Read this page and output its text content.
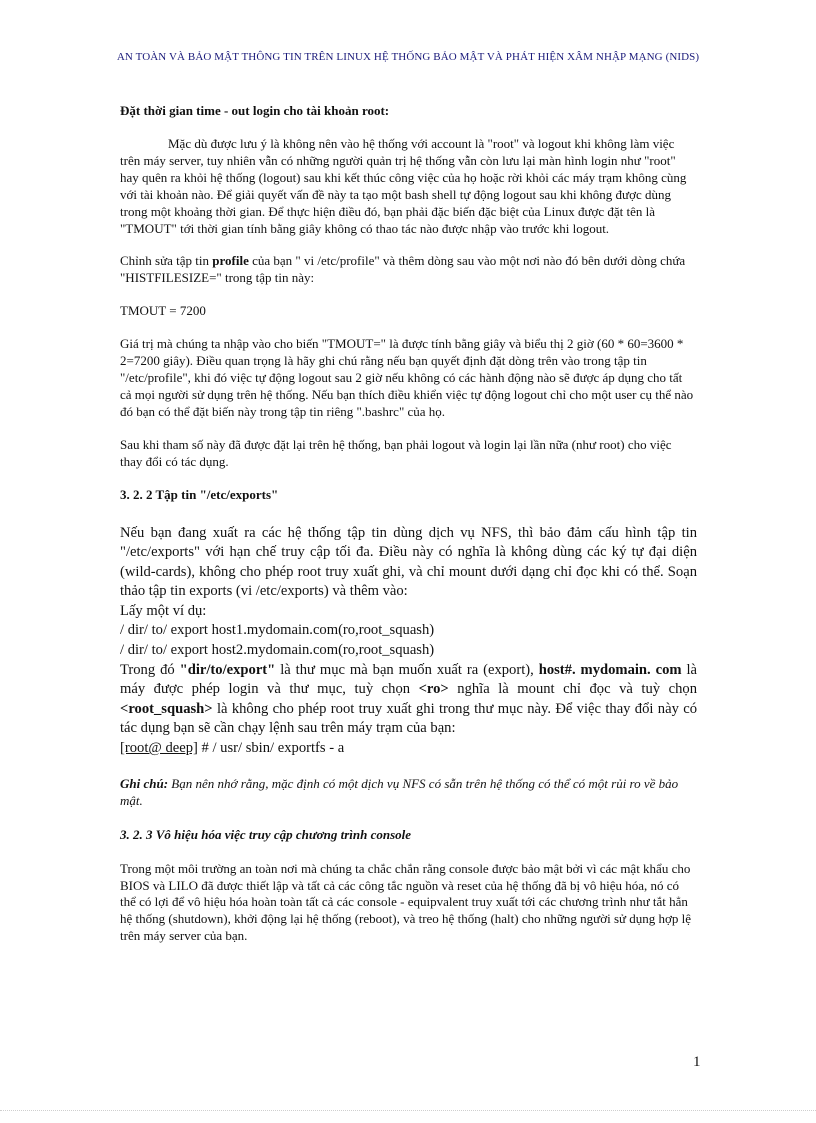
AN TOÀN VÀ BẢO MẬT THÔNG TIN TRÊN LINUX HỆ THỐNG BẢO MẬT VÀ PHÁT HIỆN XÂM NHẬP MẠNG (NIDS)

Đặt thời gian time - out login cho tài khoản root:

Mặc dù được lưu ý là không nên vào hệ thống với account là "root" và logout khi không làm việc trên máy server, tuy nhiên vẫn có những người quản trị hệ thống vẫn còn lưu lại màn hình login như "root" hay quên ra khỏi hệ thống (logout) sau khi kết thúc công việc của họ hoặc rời khỏi các máy trạm không cùng với tài khoản nào. Để giải quyết vấn đề này ta tạo một bash shell tự động logout sau khi không được dùng trong một khoảng thời gian. Để thực hiện điều đó, bạn phải đặc biến đặc biệt của Linux được đặt tên là "TMOUT" tới thời gian tính bằng giây không có thao tác nào được nhập vào trước khi logout.

Chỉnh sửa tập tin profile của bạn " vi /etc/profile" và thêm dòng sau vào một nơi nào đó bên dưới dòng chứa "HISTFILESIZE=" trong tập tin này:

TMOUT = 7200

Giá trị mà chúng ta nhập vào cho biến "TMOUT=" là được tính bằng giây và biểu thị 2 giờ (60 * 60=3600 * 2=7200 giây). Điều quan trọng là hãy ghi chú rằng nếu bạn quyết định đặt dòng trên vào trong tập tin "/etc/profile", khi đó việc tự động logout sau 2 giờ nếu không có các hành động nào sẽ được áp dụng cho tất cả mọi người sử dụng trên hệ thống. Nếu bạn thích điều khiển việc tự động logout chỉ cho một user cụ thể nào đó bạn có thể đặt biến này trong tập tin riêng ".bashrc" của họ.

Sau khi tham số này đã được đặt lại trên hệ thống, bạn phải logout và login lại lần nữa (như root) cho việc thay đổi có tác dụng.

3. 2. 2 Tập tin "/etc/exports"

Nếu bạn đang xuất ra các hệ thống tập tin dùng dịch vụ NFS, thì bảo đảm cấu hình tập tin "/etc/exports" với hạn chế truy cập tối đa. Điều này có nghĩa là không dùng các ký tự đại diện (wild-cards), không cho phép root truy xuất ghi, và chỉ mount dưới dạng chỉ đọc khi có thể. Soạn thảo tập tin exports (vi /etc/exports) và thêm vào:

Lấy một ví dụ:

/ dir/ to/ export host1.mydomain.com(ro,root_squash)

/ dir/ to/ export host2.mydomain.com(ro,root_squash)

Trong đó "dir/to/export" là thư mục mà bạn muốn xuất ra (export), host#. mydomain. com là máy được phép login và thư mục, tuỳ chọn <ro> nghĩa là mount chỉ đọc và tuỳ chọn <root_squash> là không cho phép root truy xuất ghi trong thư mục này. Để việc thay đổi này có tác dụng bạn sẽ cần chạy lệnh sau trên máy trạm của bạn:

[root@ deep] # / usr/ sbin/ exportfs - a

Ghi chú: Bạn nên nhớ rằng, mặc định có một dịch vụ NFS có sẵn trên hệ thống có thể có một rủi ro về bảo mật.

3. 2. 3 Vô hiệu hóa việc truy cập chương trình console

Trong một môi trường an toàn nơi mà chúng ta chắc chắn rằng console được bảo mật bởi vì các mật khẩu cho BIOS và LILO đã được thiết lập và tất cả các công tắc nguồn và reset của hệ thống đã bị vô hiệu hóa, nó có thể có lợi để vô hiệu hóa hoàn toàn tất cả các console - equipvalent truy xuất tới các chương trình như tắt hẳn hệ thống (shutdown), khởi động lại hệ thống (reboot), và treo hệ thống (halt) cho những người sử dụng hợp lệ trên máy server của bạn.

1
